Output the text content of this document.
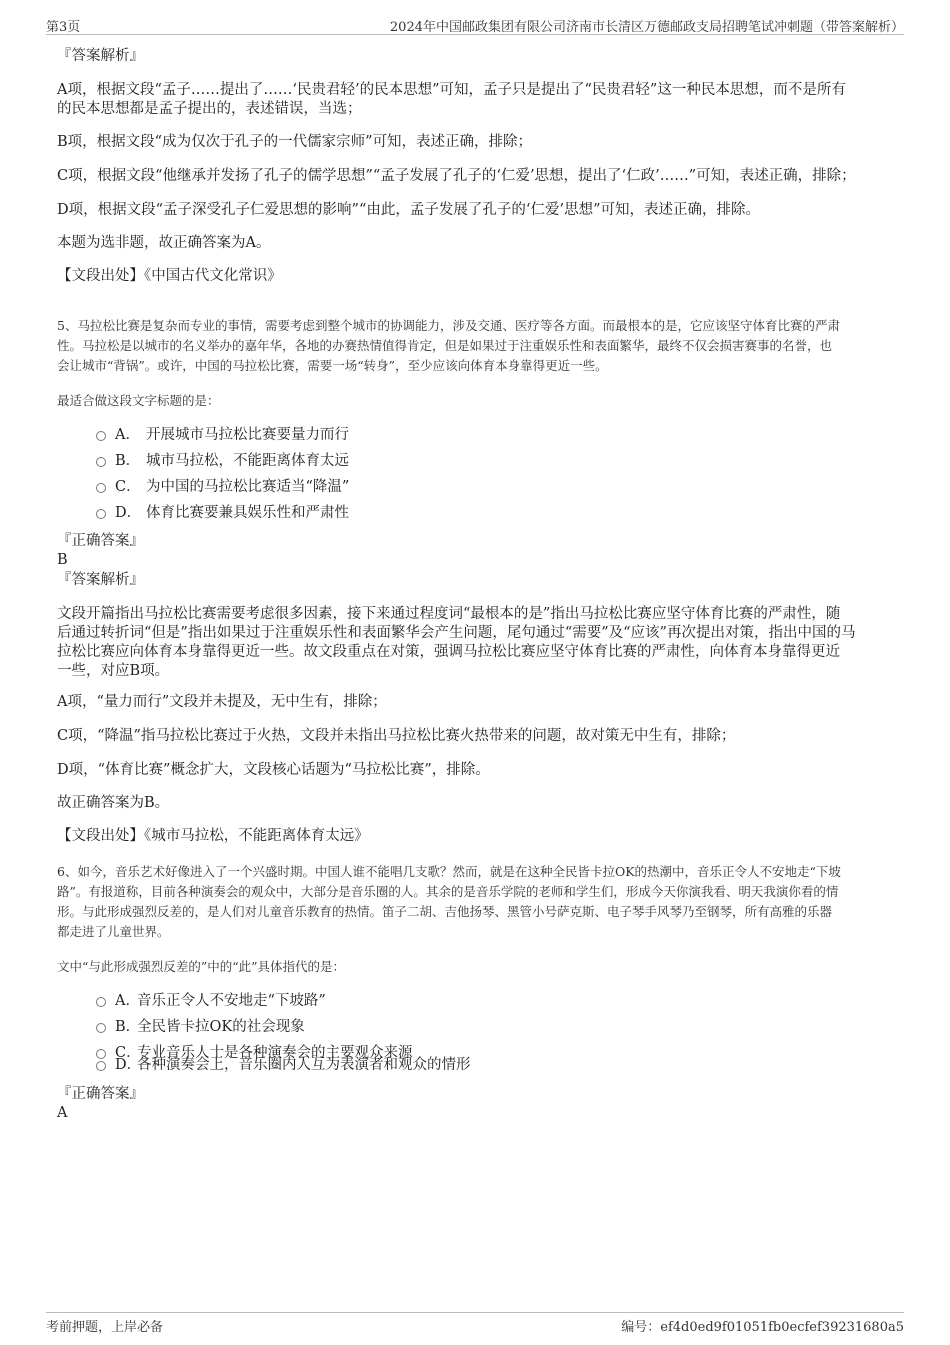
第3页	2024年中国邮政集团有限公司济南市长清区万德邮政支局招聘笔试冲刺题（带答案解析）
『答案解析』
A项，根据文段“孟子……提出了……‘民贵君轻’的民本思想”可知，孟子只是提出了“民贵君轻”这一种民本思想，而不是所有
的民本思想都是孟子提出的，表述错误，当选；
B项，根据文段“成为仅次于孔子的一代儒家宗师”可知，表述正确，排除；
C项，根据文段“他继承并发扬了孔子的儒学思想”“孟子发展了孔子的‘仁爱’思想，提出了‘仁政’……”可知，表述正确，排除；
D项，根据文段“孟子深受孔子仁爱思想的影响”“由此，孟子发展了孔子的‘仁爱’思想”可知，表述正确，排除。
本题为选非题，故正确答案为A。
【文段出处】《中国古代文化常识》
5、马拉松比赛是复杂而专业的事情，需要考虑到整个城市的协调能力，涉及交通、医疗等各方面。而最根本的是，它应该坚守体育比赛的严肃
性。马拉松是以城市的名义举办的嘉年华，各地的办赛热情值得肯定，但是如果过于注重娱乐性和表面繁华，最终不仅会损害赛事的名誉，也
会让城市“背锅”。或许，中国的马拉松比赛，需要一场“转身”，至少应该向体育本身靠得更近一些。
最适合做这段文字标题的是：
A． 开展城市马拉松比赛要量力而行
B． 城市马拉松，不能距离体育太远
C． 为中国的马拉松比赛适当“降温”
D． 体育比赛要兼具娱乐性和严肃性
『正确答案』
B
『答案解析』
文段开篇指出马拉松比赛需要考虑很多因素，接下来通过程度词“最根本的是”指出马拉松比赛应坚守体育比赛的严肃性，随
后通过转折词“但是”指出如果过于注重娱乐性和表面繁华会产生问题，尾句通过“需要”及“应该”再次提出对策，指出中国的马
拉松比赛应向体育本身靠得更近一些。故文段重点在对策，强调马拉松比赛应坚守体育比赛的严肃性，向体育本身靠得更近
一些，对应B项。
A项，“量力而行”文段并未提及，无中生有，排除；
C项，“降温”指马拉松比赛过于火热，文段并未指出马拉松比赛火热带来的问题，故对策无中生有，排除；
D项，“体育比赛”概念扩大，文段核心话题为“马拉松比赛”，排除。
故正确答案为B。
【文段出处】《城市马拉松，不能距离体育太远》
6、如今，音乐艺术好像进入了一个兴盛时期。中国人谁不能唱几支歌？然而，就是在这种全民皆卡拉OK的热潮中，音乐正令人不安地走“下坡
路”。有报道称，目前各种演奏会的观众中，大部分是音乐圈的人。其余的是音乐学院的老师和学生们，形成今天你演我看、明天我演你看的情
形。与此形成强烈反差的，是人们对儿童音乐教育的热情。笛子二胡、吉他扬琴、黑管小号萨克斯、电子琴手风琴乃至钢琴，所有高雅的乐器
都走进了儿童世界。
文中“与此形成强烈反差的”中的“此”具体指代的是：
A．音乐正令人不安地走“下坡路”
B．全民皆卡拉OK的社会现象
C．专业音乐人士是各种演奏会的主要观众来源
D．各种演奏会上，音乐圈内人互为表演者和观众的情形
『正确答案』
A
考前押题，上岸必备	编号：ef4d0ed9f01051fb0ecfef39231680a5
